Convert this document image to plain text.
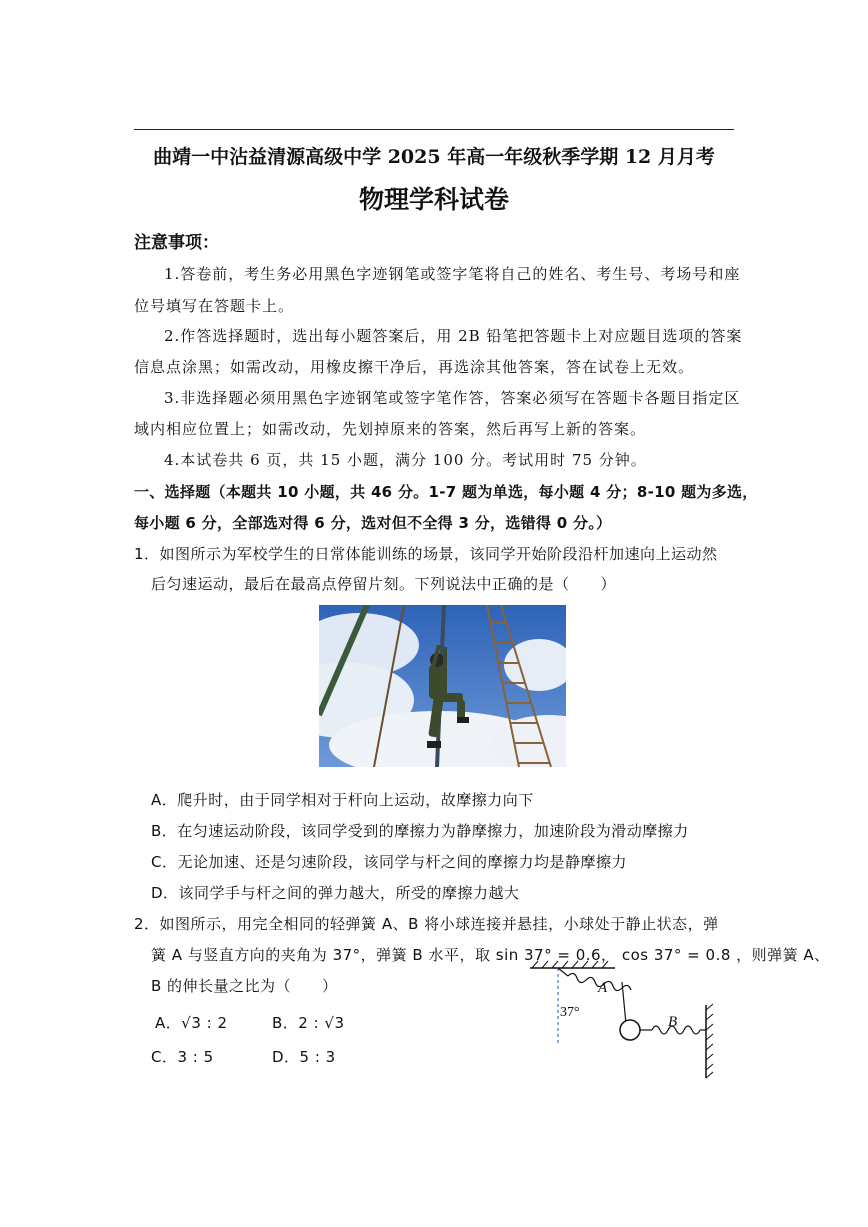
曲靖一中沾益清源高级中学 2025 年高一年级秋季学期 12 月月考
物理学科试卷
注意事项：
1.答卷前，考生务必用黑色字迹钢笔或签字笔将自己的姓名、考生号、考场号和座
位号填写在答题卡上。
2.作答选择题时，选出每小题答案后，用 2B 铅笔把答题卡上对应题目选项的答案
信息点涂黑；如需改动，用橡皮擦干净后，再选涂其他答案，答在试卷上无效。
3.非选择题必须用黑色字迹钢笔或签字笔作答，答案必须写在答题卡各题目指定区
域内相应位置上；如需改动，先划掉原来的答案，然后再写上新的答案。
4.本试卷共 6 页，共 15 小题，满分 100 分。考试用时 75 分钟。
一、选择题（本题共 10 小题，共 46 分。1-7 题为单选，每小题 4 分；8-10 题为多选，
每小题 6 分，全部选对得 6 分，选对但不全得 3 分，选错得 0 分。）
1．如图所示为军校学生的日常体能训练的场景，该同学开始阶段沿杆加速向上运动然
后匀速运动，最后在最高点停留片刻。下列说法中正确的是（　　）
A．爬升时，由于同学相对于杆向上运动，故摩擦力向下
B．在匀速运动阶段，该同学受到的摩擦力为静摩擦力，加速阶段为滑动摩擦力
C．无论加速、还是匀速阶段，该同学与杆之间的摩擦力均是静摩擦力
D．该同学手与杆之间的弹力越大，所受的摩擦力越大
2．如图所示，用完全相同的轻弹簧 A、B 将小球连接并悬挂，小球处于静止状态，弹
簧 A 与竖直方向的夹角为 37°，弹簧 B 水平，取 sin 37° = 0.6， cos 37° = 0.8 ，则弹簧 A、
B 的伸长量之比为（　　）
A．√3 : 2	B．2 : √3
C．3 : 5	D．5 : 3
A
B
37°
